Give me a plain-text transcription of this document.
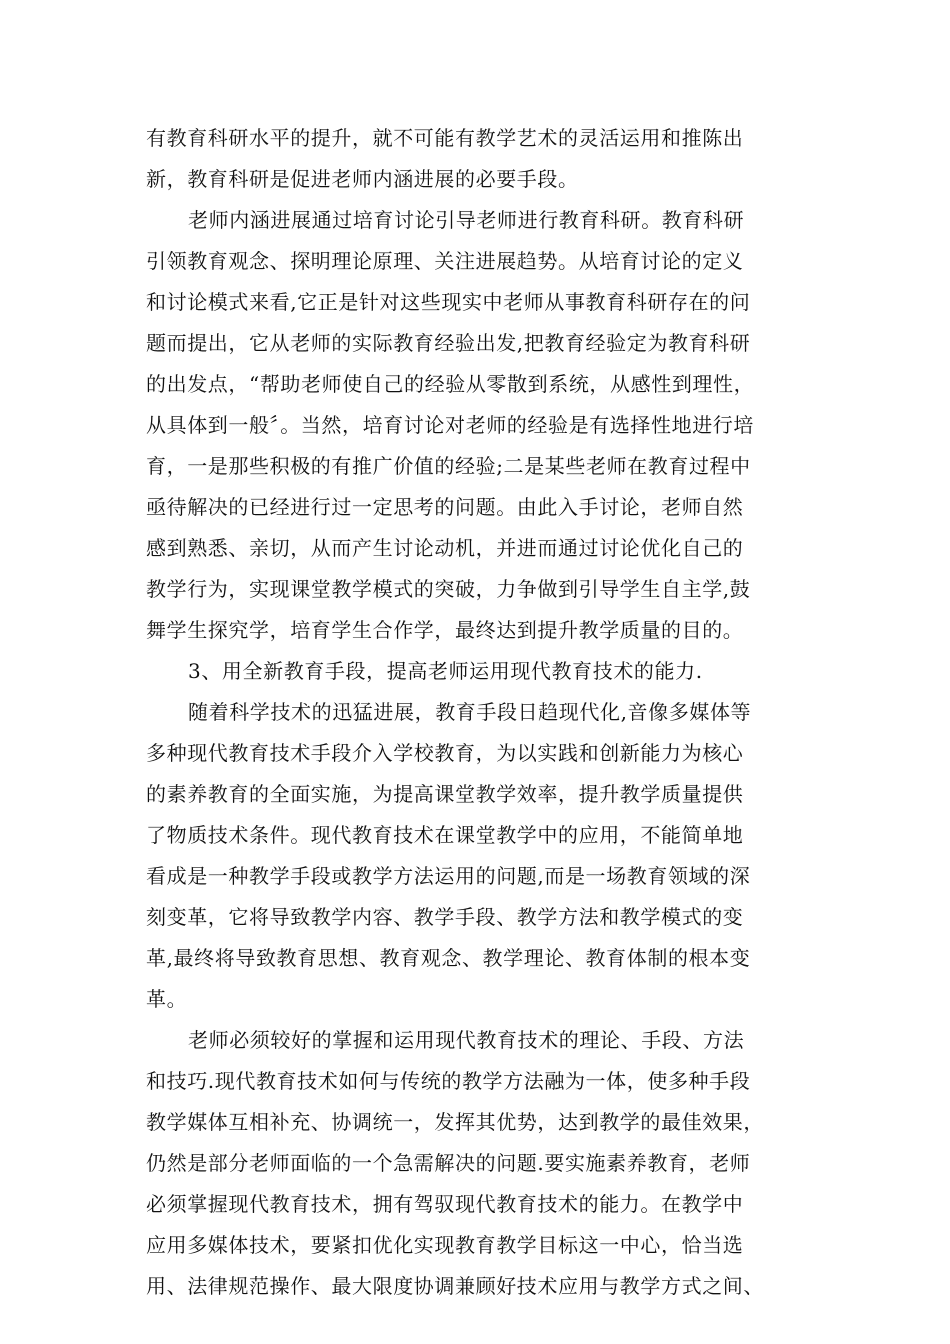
有教育科研水平的提升，就不可能有教学艺术的灵活运用和推陈出
新，教育科研是促进老师内涵进展的必要手段。
老师内涵进展通过培育讨论引导老师进行教育科研。教育科研
引领教育观念、探明理论原理、关注进展趋势。从培育讨论的定义
和讨论模式来看,它正是针对这些现实中老师从事教育科研存在的问
题而提出，它从老师的实际教育经验出发,把教育经验定为教育科研
的出发点，“帮助老师使自己的经验从零散到系统，从感性到理性，
从具体到一般〞。当然，培育讨论对老师的经验是有选择性地进行培
育，一是那些积极的有推广价值的经验;二是某些老师在教育过程中
亟待解决的已经进行过一定思考的问题。由此入手讨论，老师自然
感到熟悉、亲切，从而产生讨论动机，并进而通过讨论优化自己的
教学行为，实现课堂教学模式的突破，力争做到引导学生自主学,鼓
舞学生探究学，培育学生合作学，最终达到提升教学质量的目的。
3、用全新教育手段，提高老师运用现代教育技术的能力.
随着科学技术的迅猛进展，教育手段日趋现代化,音像多媒体等
多种现代教育技术手段介入学校教育，为以实践和创新能力为核心
的素养教育的全面实施，为提高课堂教学效率，提升教学质量提供
了物质技术条件。现代教育技术在课堂教学中的应用，不能简单地
看成是一种教学手段或教学方法运用的问题,而是一场教育领域的深
刻变革，它将导致教学内容、教学手段、教学方法和教学模式的变
革,最终将导致教育思想、教育观念、教学理论、教育体制的根本变
革。
老师必须较好的掌握和运用现代教育技术的理论、手段、方法
和技巧.现代教育技术如何与传统的教学方法融为一体，使多种手段
教学媒体互相补充、协调统一，发挥其优势，达到教学的最佳效果，
仍然是部分老师面临的一个急需解决的问题.要实施素养教育，老师
必须掌握现代教育技术，拥有驾驭现代教育技术的能力。在教学中
应用多媒体技术，要紧扣优化实现教育教学目标这一中心，恰当选
用、法律规范操作、最大限度协调兼顾好技术应用与教学方式之间、
